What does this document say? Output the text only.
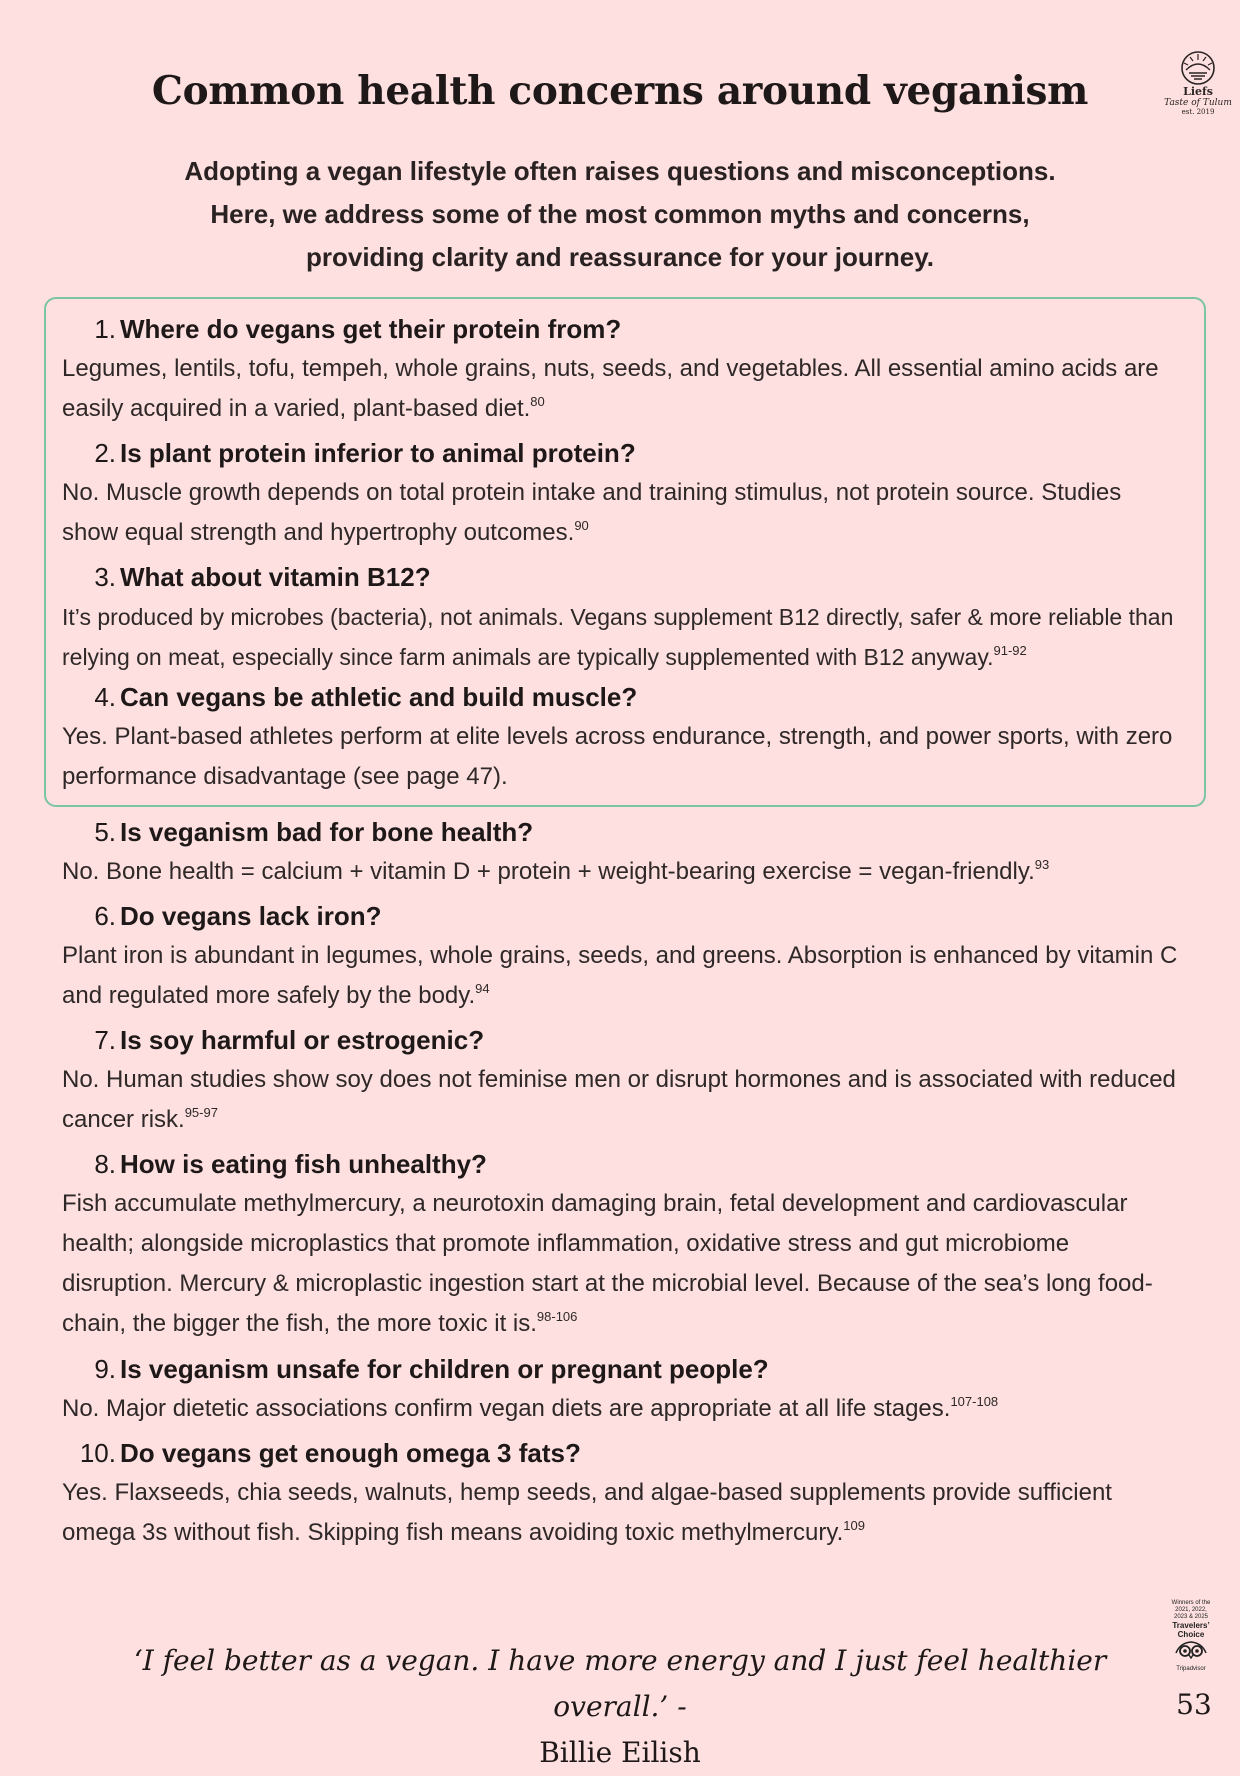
Common health concerns around veganism	Liefs
Taste of Tulum
est. 2019
Adopting a vegan lifestyle often raises questions and misconceptions.
Here, we address some of the most common myths and concerns,
providing clarity and reassurance for your journey.
1. Where do vegans get their protein from?
Legumes, lentils, tofu, tempeh, whole grains, nuts, seeds, and vegetables. All essential amino acids are easily acquired in a varied, plant-based diet.$^{80}$
2. Is plant protein inferior to animal protein?
No. Muscle growth depends on total protein intake and training stimulus, not protein source. Studies show equal strength and hypertrophy outcomes.$^{90}$
3. What about vitamin B12?
It’s produced by microbes (bacteria), not animals. Vegans supplement B12 directly, safer & more reliable than relying on meat, especially since farm animals are typically supplemented with B12 anyway.$^{91-92}$
4. Can vegans be athletic and build muscle?
Yes. Plant-based athletes perform at elite levels across endurance, strength, and power sports, with zero performance disadvantage (see page 47).
5. Is veganism bad for bone health?
No. Bone health = calcium + vitamin D + protein + weight-bearing exercise = vegan-friendly.$^{93}$
6. Do vegans lack iron?
Plant iron is abundant in legumes, whole grains, seeds, and greens. Absorption is enhanced by vitamin C and regulated more safely by the body.$^{94}$
7. Is soy harmful or estrogenic?
No. Human studies show soy does not feminise men or disrupt hormones and is associated with reduced cancer risk.$^{95-97}$
8. How is eating fish unhealthy?
Fish accumulate methylmercury, a neurotoxin damaging brain, fetal development and cardiovascular health; alongside microplastics that promote inflammation, oxidative stress and gut microbiome disruption. Mercury & microplastic ingestion start at the microbial level. Because of the sea’s long food-chain, the bigger the fish, the more toxic it is.$^{98-106}$
9. Is veganism unsafe for children or pregnant people?
No. Major dietetic associations confirm vegan diets are appropriate at all life stages.$^{107-108}$
10. Do vegans get enough omega 3 fats?
Yes. Flaxseeds, chia seeds, walnuts, hemp seeds, and algae-based supplements provide sufficient omega 3s without fish. Skipping fish means avoiding toxic methylmercury.$^{109}$
‘I feel better as a vegan. I have more energy and I just feel healthier overall.’ -
Billie Eilish
Winners of the
2021, 2022,
2023 & 2025
Travelers’
Choice
Tripadvisor
53
